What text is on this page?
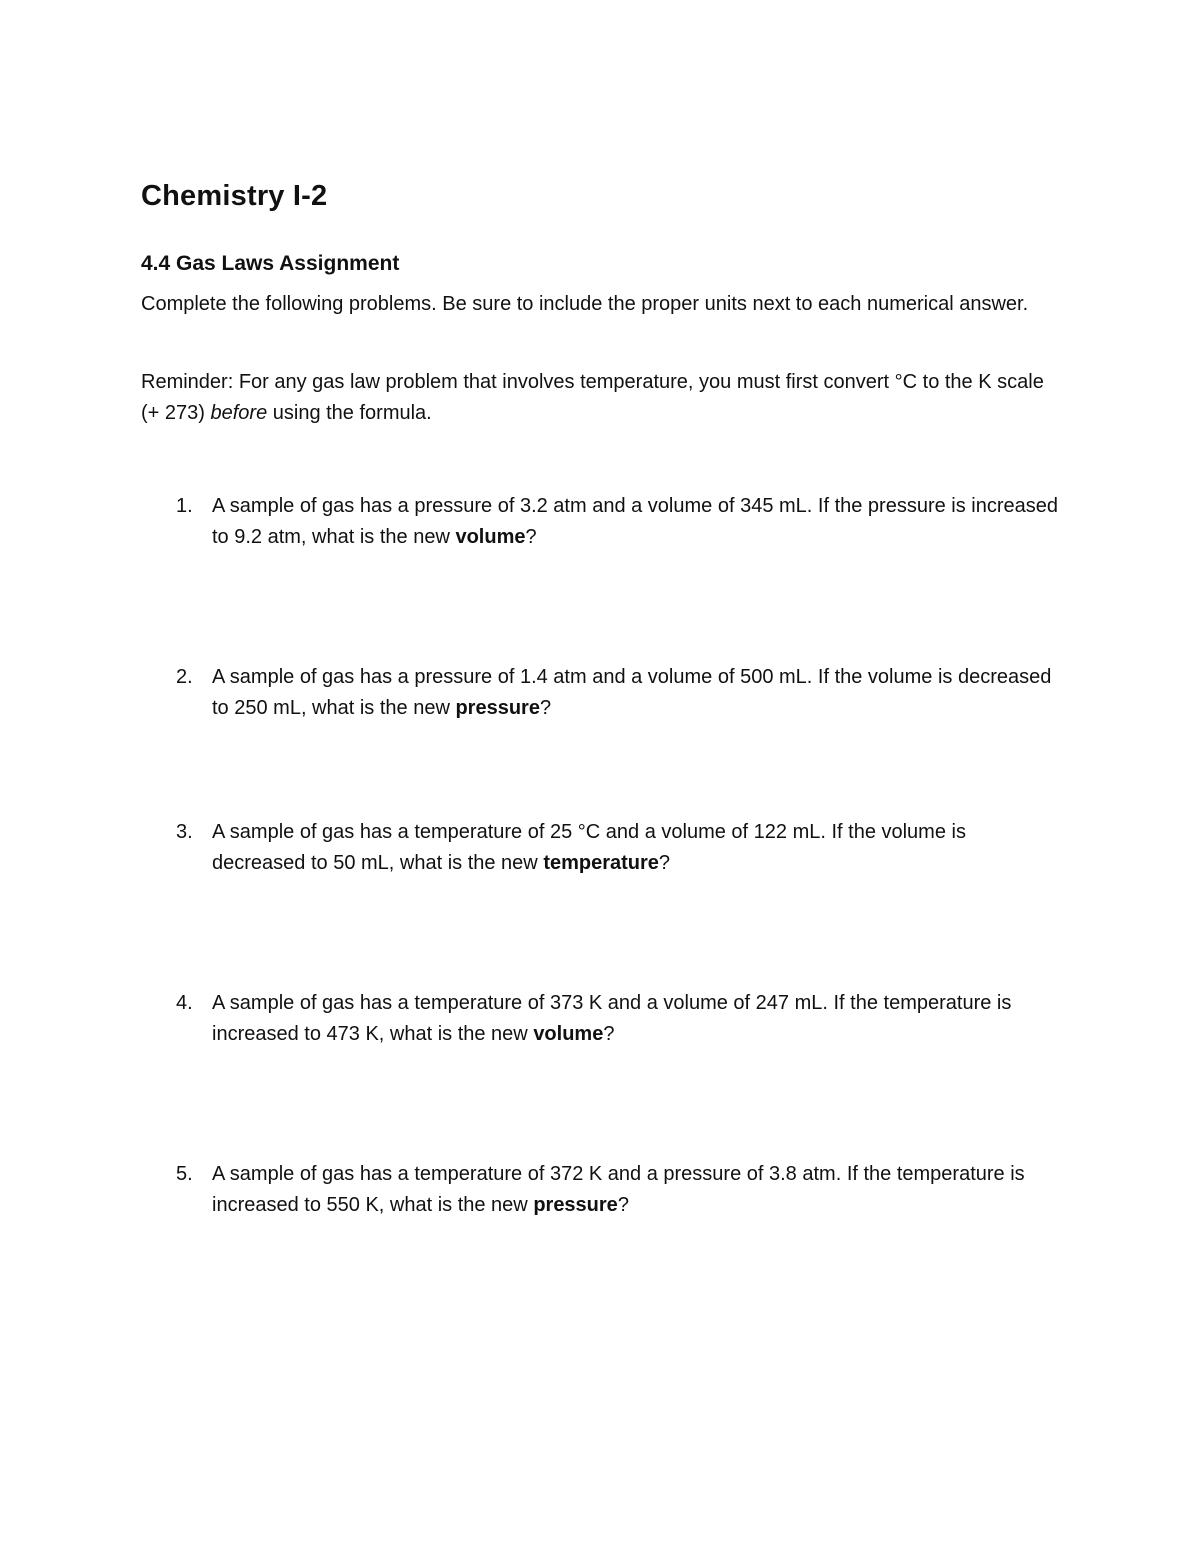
Chemistry I-2
4.4 Gas Laws Assignment

Complete the following problems. Be sure to include the proper units next to each numerical answer.

Reminder: For any gas law problem that involves temperature, you must first convert °C to the K scale (+ 273) before using the formula.

1. A sample of gas has a pressure of 3.2 atm and a volume of 345 mL. If the pressure is increased to 9.2 atm, what is the new volume?
2. A sample of gas has a pressure of 1.4 atm and a volume of 500 mL. If the volume is decreased to 250 mL, what is the new pressure?
3. A sample of gas has a temperature of 25 °C and a volume of 122 mL. If the volume is decreased to 50 mL, what is the new temperature?
4. A sample of gas has a temperature of 373 K and a volume of 247 mL. If the temperature is increased to 473 K, what is the new volume?
5. A sample of gas has a temperature of 372 K and a pressure of 3.8 atm. If the temperature is increased to 550 K, what is the new pressure?
